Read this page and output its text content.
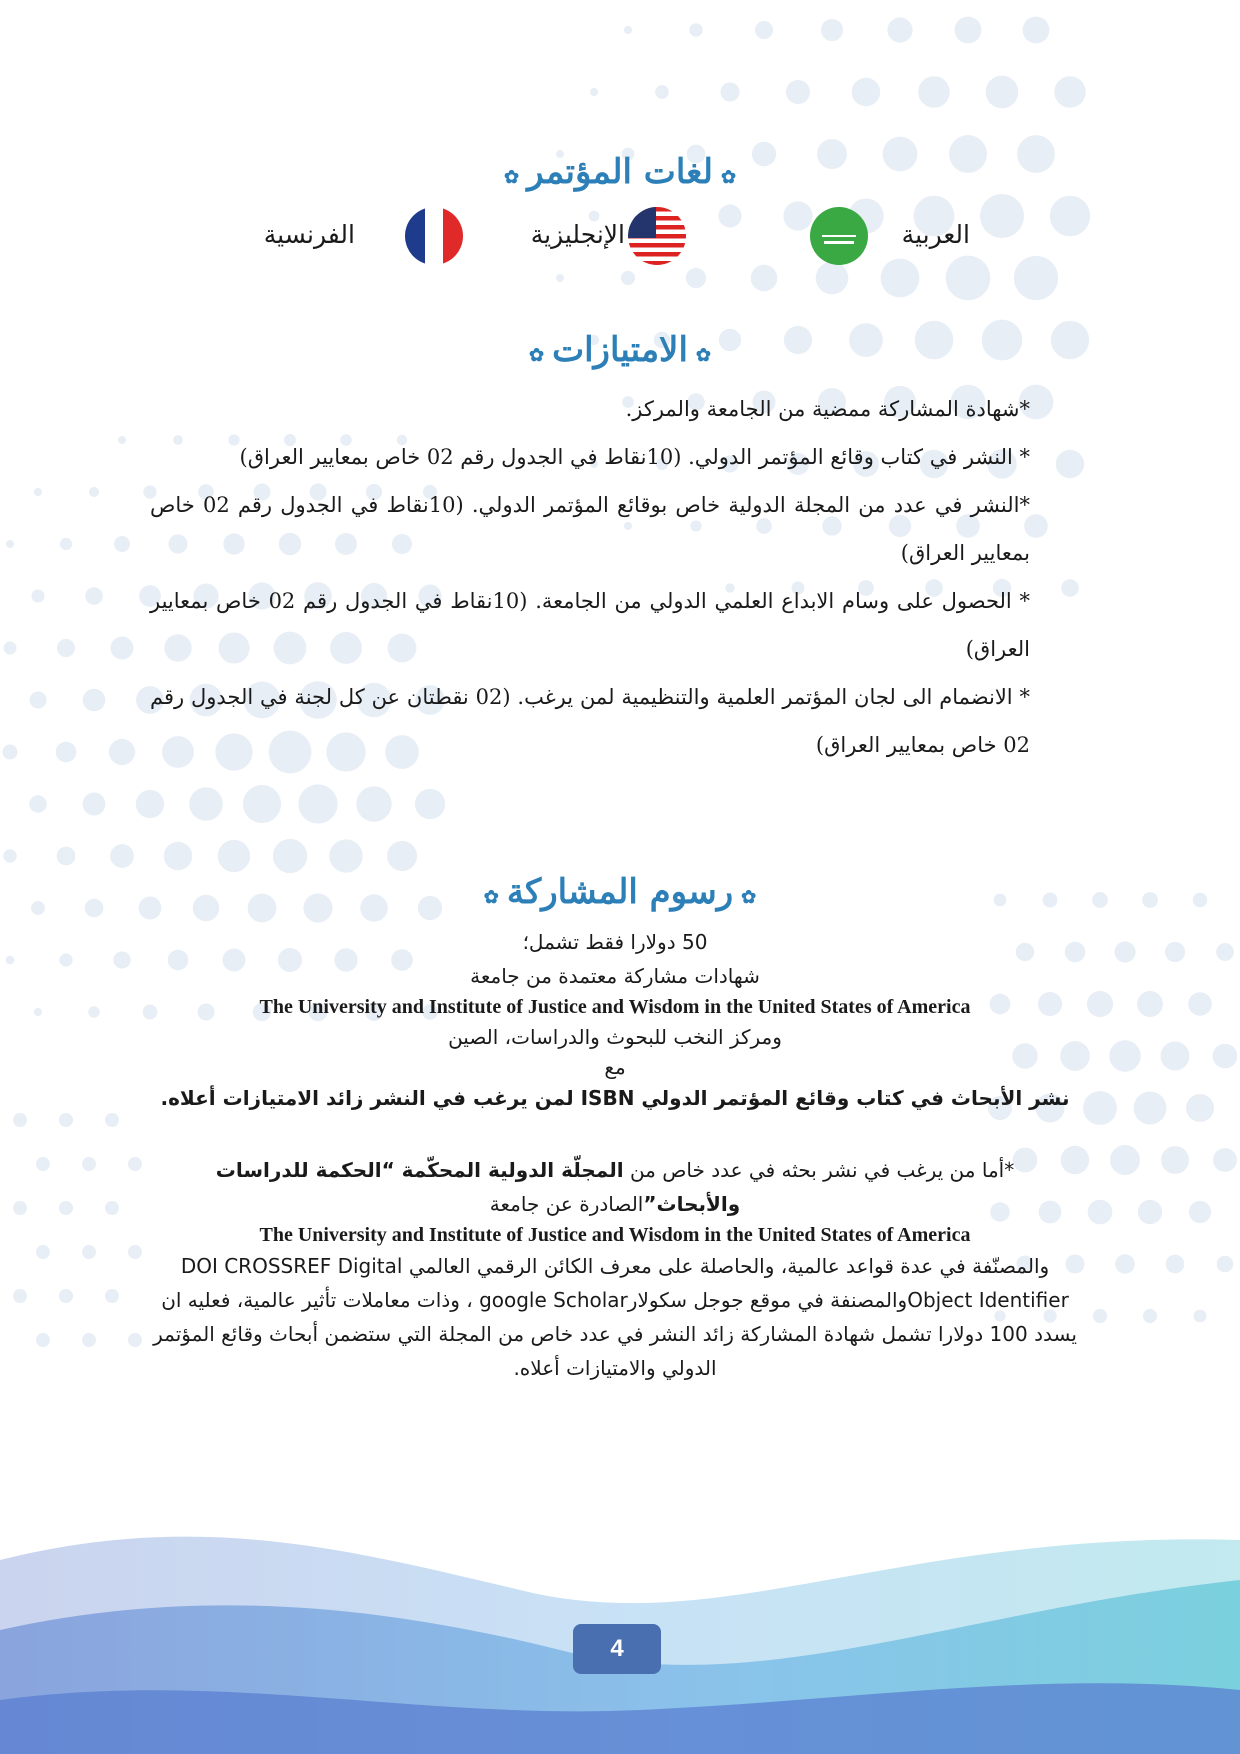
✿لغات المؤتمر✿
العربية
الإنجليزية
الفرنسية
✿الامتيازات✿
*شهادة المشاركة ممضية من الجامعة والمركز.
* النشر في كتاب وقائع المؤتمر الدولي. (10نقاط في الجدول رقم 02 خاص بمعايير العراق)
*النشر في عدد من المجلة الدولية خاص بوقائع المؤتمر الدولي. (10نقاط في الجدول رقم 02 خاص بمعايير العراق)
* الحصول على وسام الابداع العلمي الدولي من الجامعة. (10نقاط في الجدول رقم 02 خاص بمعايير العراق)
* الانضمام الى لجان المؤتمر العلمية والتنظيمية لمن يرغب. (02 نقطتان عن كل لجنة في الجدول رقم 02 خاص بمعايير العراق)
✿رسوم المشاركة✿
50 دولارا فقط تشمل؛
شهادات مشاركة معتمدة من جامعة
The University and Institute of Justice and Wisdom in the United States of America
ومركز النخب للبحوث والدراسات، الصين
مع
نشر الأبحاث في كتاب وقائع المؤتمر الدولي ISBN لمن يرغب في النشر زائد الامتيازات أعلاه.
*أما من يرغب في نشر بحثه في عدد خاص من المجلّة الدولية المحكّمة “الحكمة للدراسات والأبحاث”الصادرة عن جامعة
The University and Institute of Justice and Wisdom in the United States of America
والمصنّفة في عدة قواعد عالمية، والحاصلة على معرف الكائن الرقمي العالمي DOI CROSSREF Digital Object Identifierوالمصنفة في موقع جوجل سكولارgoogle Scholar ، وذات معاملات تأثير عالمية، فعليه ان يسدد 100 دولارا تشمل شهادة المشاركة زائد النشر في عدد خاص من المجلة التي ستضمن أبحاث وقائع المؤتمر الدولي والامتيازات أعلاه.
4
